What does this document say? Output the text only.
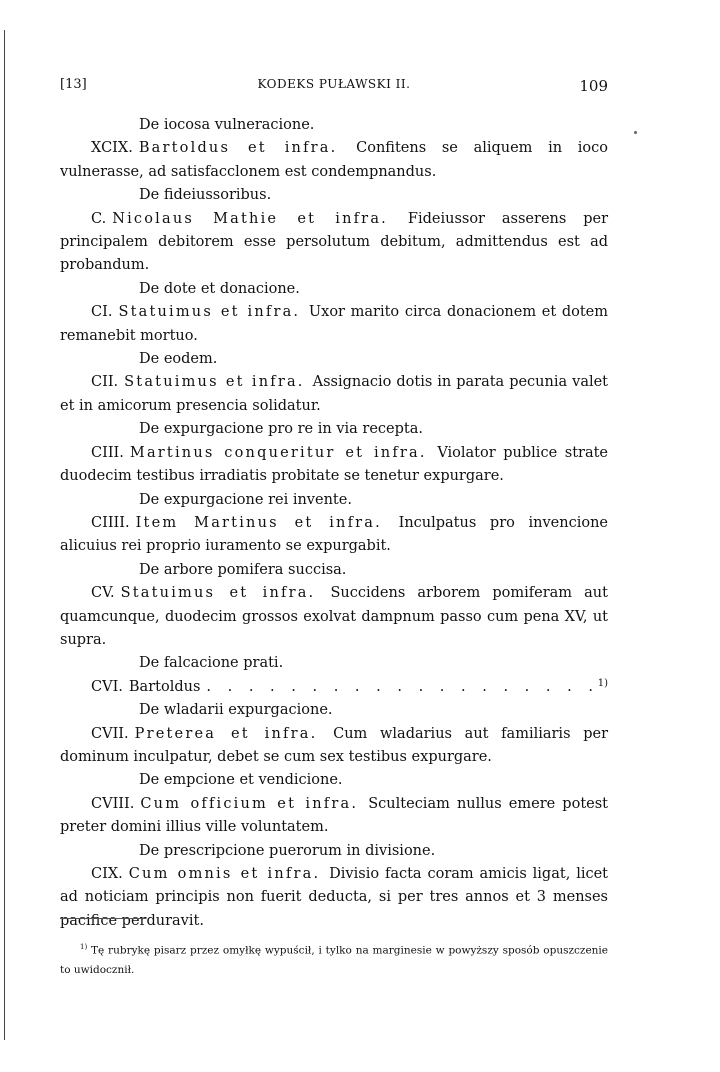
[13]	KODEKS PUŁAWSKI II.	109
De iocosa vulneracione.
XCIX. Bartoldus et infra. Confitens se aliquem in ioco vulnerasse, ad satisfacclonem est condempnandus.
De fideiussoribus.
C. Nicolaus Mathie et infra. Fideiussor asserens per principalem debitorem esse persolutum debitum, admittendus est ad probandum.
De dote et donacione.
CI. Statuimus et infra. Uxor marito circa donacionem et dotem remanebit mortuo.
De eodem.
CII. Statuimus et infra. Assignacio dotis in parata pecunia valet et in amicorum presencia solidatur.
De expurgacione pro re in via recepta.
CIII. Martinus conqueritur et infra. Violator publice strate duodecim testibus irradiatis probitate se tenetur expurgare.
De expurgacione rei invente.
CIIII. Item Martinus et infra. Inculpatus pro invencione alicuius rei proprio iuramento se expurgabit.
De arbore pomifera succisa.
CV. Statuimus et infra. Succidens arborem pomiferam aut quamcunque, duodecim grossos exolvat dampnum passo cum pena XV, ut supra.
De falcacione prati.
CVI. Bartoldus . . . . . . . . . . . . . . . . . . .
1)
De wladarii expurgacione.
CVII. Preterea et infra. Cum wladarius aut familiaris per dominum inculpatur, debet se cum sex testibus expurgare.
De empcione et vendicione.
CVIII. Cum officium et infra. Sculteciam nullus emere potest preter domini illius ville voluntatem.
De prescripcione puerorum in divisione.
CIX. Cum omnis et infra. Divisio facta coram amicis ligat, licet ad noticiam principis non fuerit deducta, si per tres annos et 3 menses pacifice perduravit.
$^{1)}$ Tę rubrykę pisarz przez omyłkę wypuścił, i tylko na marginesie w powyższy sposób opuszczenie to uwidocznił.
